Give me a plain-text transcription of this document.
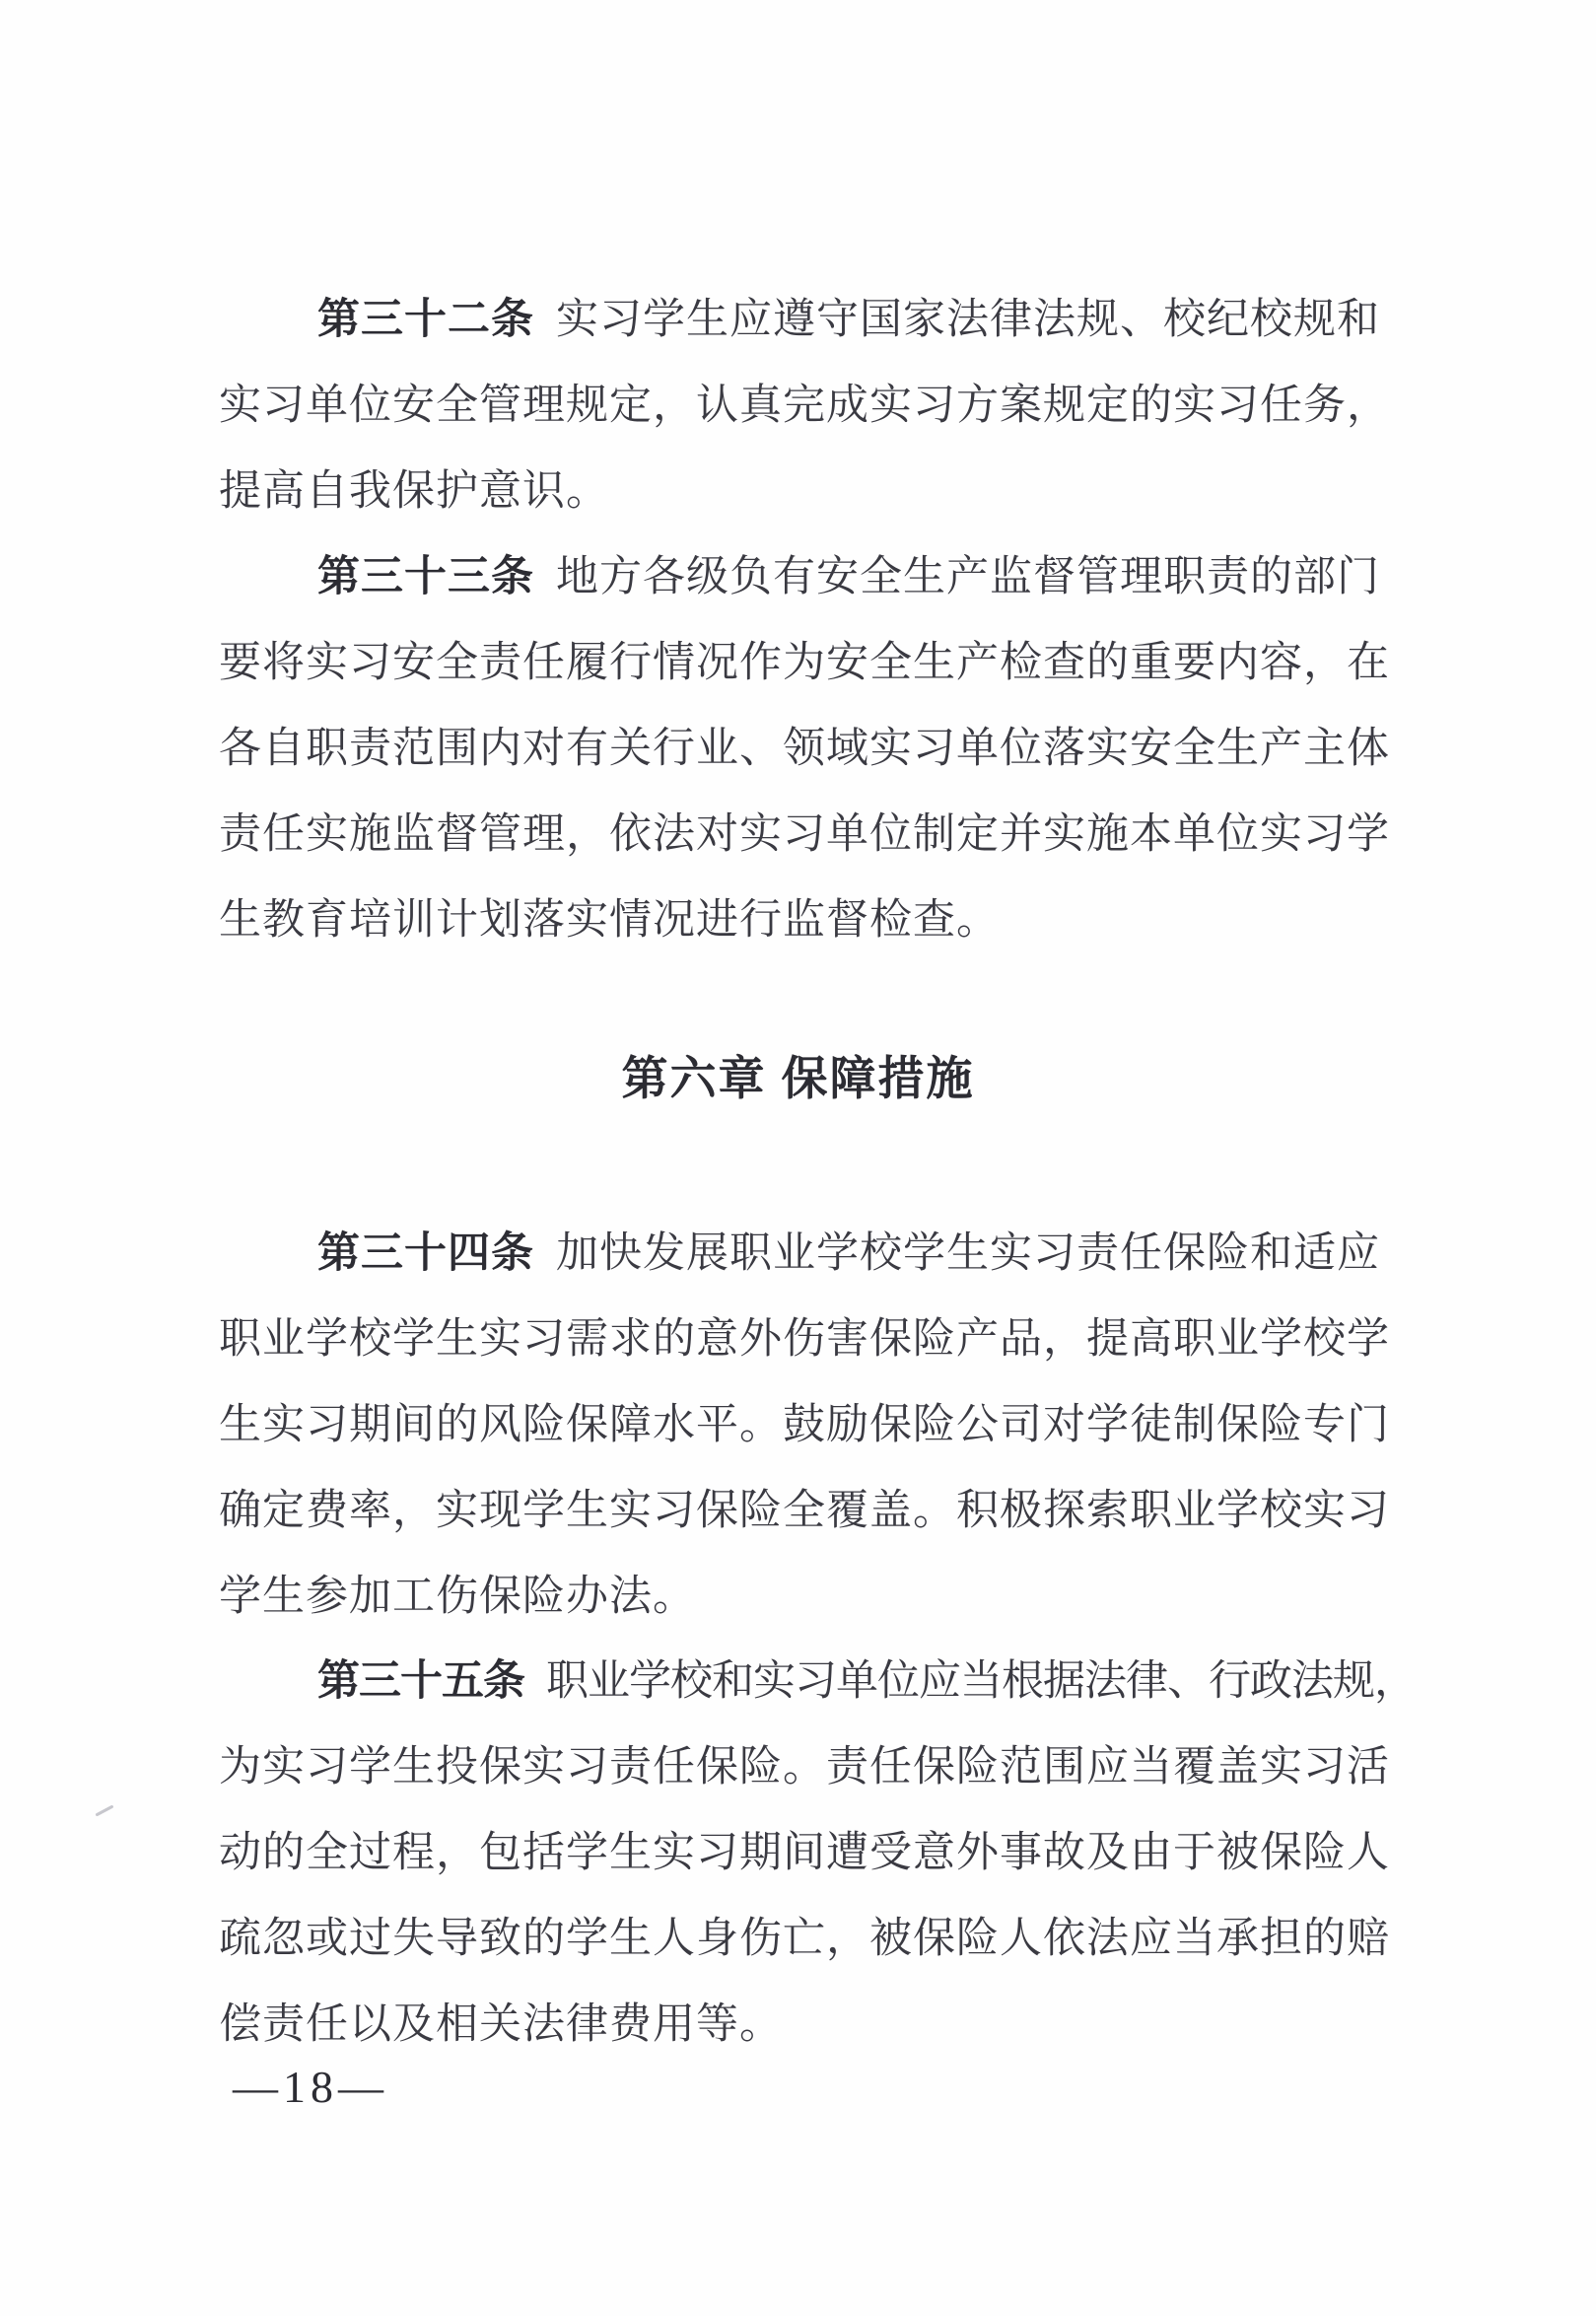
第三十二条 实习学生应遵守国家法律法规、校纪校规和
实习单位安全管理规定，认真完成实习方案规定的实习任务，
提高自我保护意识。
第三十三条 地方各级负有安全生产监督管理职责的部门
要将实习安全责任履行情况作为安全生产检查的重要内容，在
各自职责范围内对有关行业、领域实习单位落实安全生产主体
责任实施监督管理，依法对实习单位制定并实施本单位实习学
生教育培训计划落实情况进行监督检查。
第六章 保障措施
第三十四条 加快发展职业学校学生实习责任保险和适应
职业学校学生实习需求的意外伤害保险产品，提高职业学校学
生实习期间的风险保障水平。鼓励保险公司对学徒制保险专门
确定费率，实现学生实习保险全覆盖。积极探索职业学校实习
学生参加工伤保险办法。
第三十五条 职业学校和实习单位应当根据法律、行政法规，
为实习学生投保实习责任保险。责任保险范围应当覆盖实习活
动的全过程，包括学生实习期间遭受意外事故及由于被保险人
疏忽或过失导致的学生人身伤亡，被保险人依法应当承担的赔
偿责任以及相关法律费用等。
—18—
